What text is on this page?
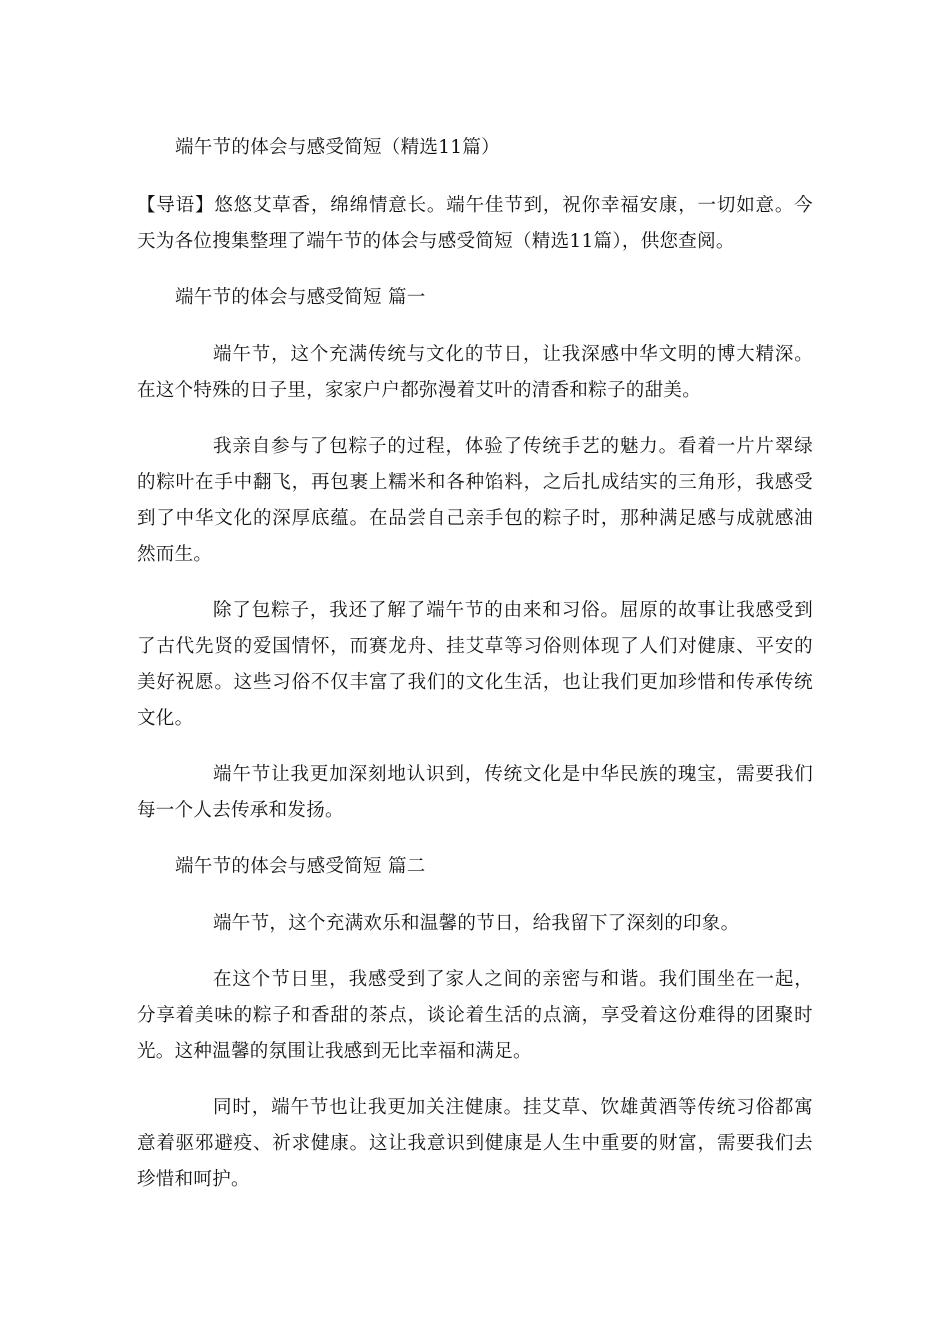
端午节的体会与感受简短（精选11篇）

【导语】悠悠艾草香，绵绵情意长。端午佳节到，祝你幸福安康，一切如意。今天为各位搜集整理了端午节的体会与感受简短（精选11篇），供您查阅。

端午节的体会与感受简短 篇一

端午节，这个充满传统与文化的节日，让我深感中华文明的博大精深。在这个特殊的日子里，家家户户都弥漫着艾叶的清香和粽子的甜美。

我亲自参与了包粽子的过程，体验了传统手艺的魅力。看着一片片翠绿的粽叶在手中翻飞，再包裹上糯米和各种馅料，之后扎成结实的三角形，我感受到了中华文化的深厚底蕴。在品尝自己亲手包的粽子时，那种满足感与成就感油然而生。

除了包粽子，我还了解了端午节的由来和习俗。屈原的故事让我感受到了古代先贤的爱国情怀，而赛龙舟、挂艾草等习俗则体现了人们对健康、平安的美好祝愿。这些习俗不仅丰富了我们的文化生活，也让我们更加珍惜和传承传统文化。

端午节让我更加深刻地认识到，传统文化是中华民族的瑰宝，需要我们每一个人去传承和发扬。

端午节的体会与感受简短 篇二

端午节，这个充满欢乐和温馨的节日，给我留下了深刻的印象。

在这个节日里，我感受到了家人之间的亲密与和谐。我们围坐在一起，分享着美味的粽子和香甜的茶点，谈论着生活的点滴，享受着这份难得的团聚时光。这种温馨的氛围让我感到无比幸福和满足。

同时，端午节也让我更加关注健康。挂艾草、饮雄黄酒等传统习俗都寓意着驱邪避疫、祈求健康。这让我意识到健康是人生中重要的财富，需要我们去珍惜和呵护。
